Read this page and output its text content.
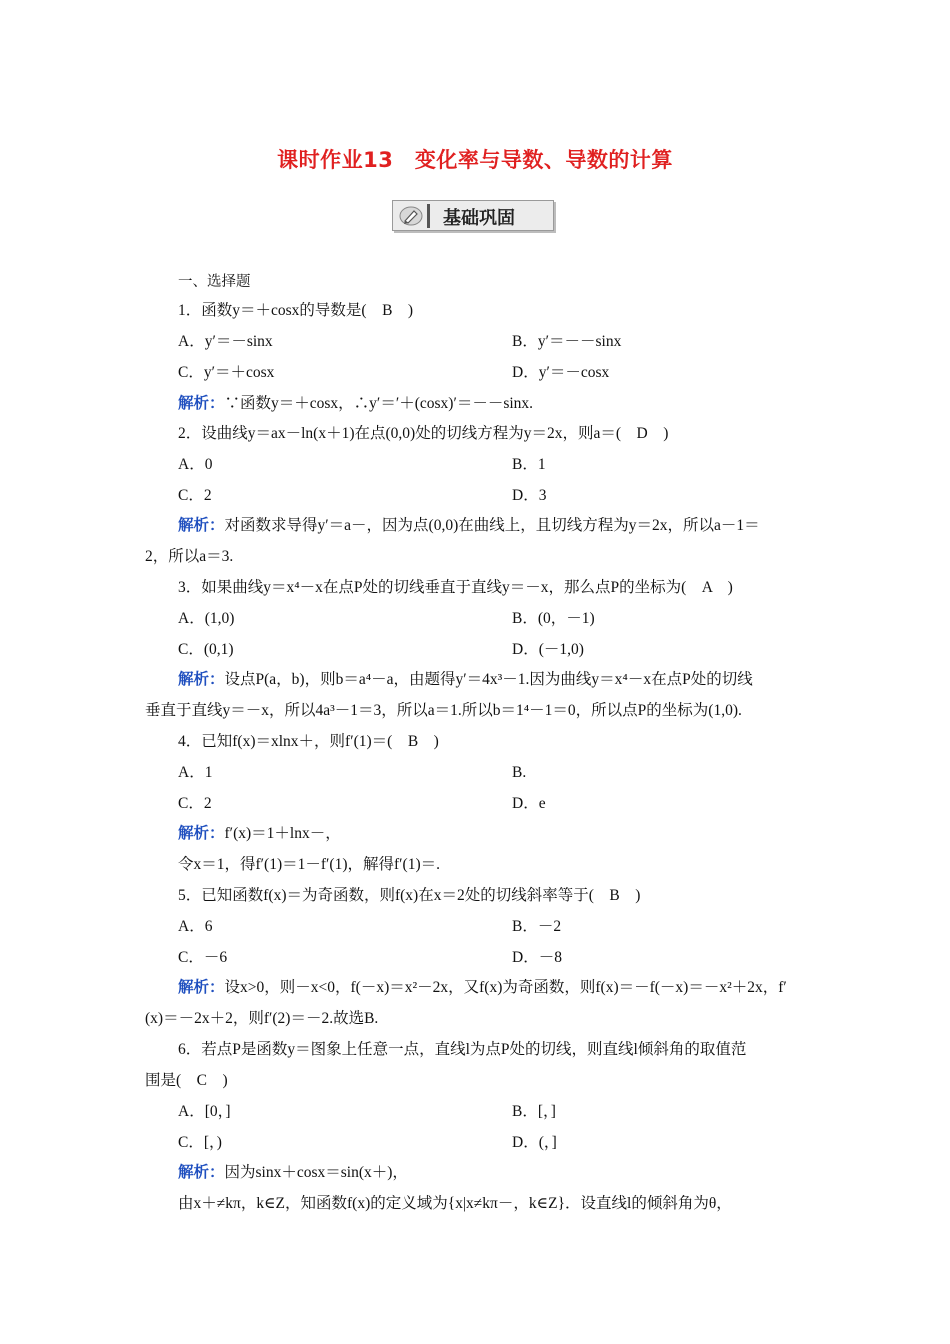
课时作业13　变化率与导数、导数的计算
基础巩固
一、选择题
1．函数y＝＋cosx的导数是(　B　)
A．y′＝－sinx	B．y′＝－－sinx
C．y′＝＋cosx	D．y′＝－cosx
解析：∵函数y＝＋cosx，∴y′＝′＋(cosx)′＝－－sinx.
2．设曲线y＝ax－ln(x＋1)在点(0,0)处的切线方程为y＝2x，则a＝(　D　)
A．0	B．1
C．2	D．3
解析：对函数求导得y′＝a－，因为点(0,0)在曲线上，且切线方程为y＝2x，所以a－1＝
2，所以a＝3.
3．如果曲线y＝x⁴－x在点P处的切线垂直于直线y＝－x，那么点P的坐标为(　A　)
A．(1,0)	B．(0，－1)
C．(0,1)	D．(－1,0)
解析：设点P(a，b)，则b＝a⁴－a，由题得y′＝4x³－1.因为曲线y＝x⁴－x在点P处的切线
垂直于直线y＝－x，所以4a³－1＝3，所以a＝1.所以b＝1⁴－1＝0，所以点P的坐标为(1,0).
4．已知f(x)＝xlnx＋，则f′(1)＝(　B　)
A．1	B.
C．2	D．e
解析：f′(x)＝1＋lnx－，
令x＝1，得f′(1)＝1－f′(1)，解得f′(1)＝.
5．已知函数f(x)＝为奇函数，则f(x)在x＝2处的切线斜率等于(　B　)
A．6	B．－2
C．－6	D．－8
解析：设x>0，则－x<0，f(－x)＝x²－2x，又f(x)为奇函数，则f(x)＝－f(－x)＝－x²＋2x，f′
(x)＝－2x＋2，则f′(2)＝－2.故选B.
6．若点P是函数y＝图象上任意一点，直线l为点P处的切线，则直线l倾斜角的取值范
围是(　C　)
A．[0，]	B．[，]
C．[，)	D．(，]
解析：因为sinx＋cosx＝sin(x＋)，
由x＋≠kπ，k∈Z，知函数f(x)的定义域为{x|x≠kπ－，k∈Z}．设直线l的倾斜角为θ，
